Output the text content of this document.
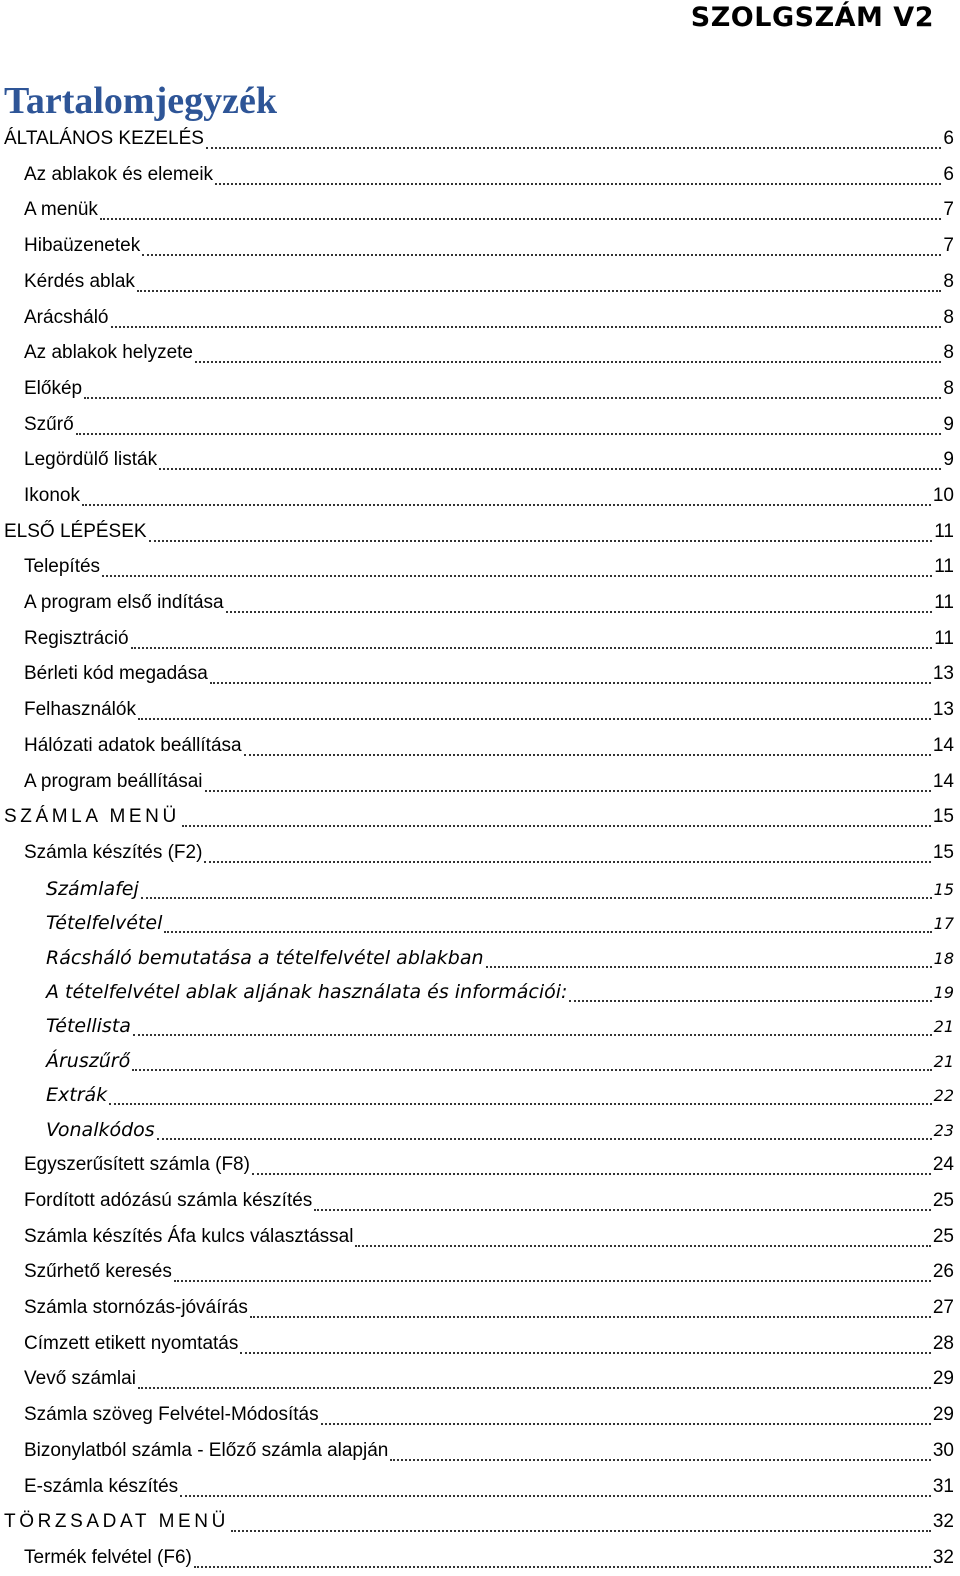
SZOLGSZÁM V2
Tartalomjegyzék
ÁLTALÁNOS KEZELÉS	6
Az ablakok és elemeik	6
A menük	7
Hibaüzenetek	7
Kérdés ablak	8
Arácsháló	8
Az ablakok helyzete	8
Előkép	8
Szűrő	9
Legördülő listák	9
Ikonok	10
ELSŐ LÉPÉSEK	11
Telepítés	11
A program első indítása	11
Regisztráció	11
Bérleti kód megadása	13
Felhasználók	13
Hálózati adatok beállítása	14
A program beállításai	14
SZÁMLA MENÜ	15
Számla készítés (F2)	15
Számlafej	15
Tételfelvétel	17
Rácsháló bemutatása a tételfelvétel ablakban	18
A tételfelvétel ablak aljának használata és információi:	19
Tétellista	21
Áruszűrő	21
Extrák	22
Vonalkódos	23
Egyszerűsített számla (F8)	24
Fordított adózású számla készítés	25
Számla készítés Áfa kulcs választással	25
Szűrhető keresés	26
Számla stornózás-jóváírás	27
Címzett etikett nyomtatás	28
Vevő számlai	29
Számla szöveg Felvétel-Módosítás	29
Bizonylatból számla - Előző számla alapján	30
E-számla készítés	31
TÖRZSADAT MENÜ	32
Termék felvétel (F6)	32
